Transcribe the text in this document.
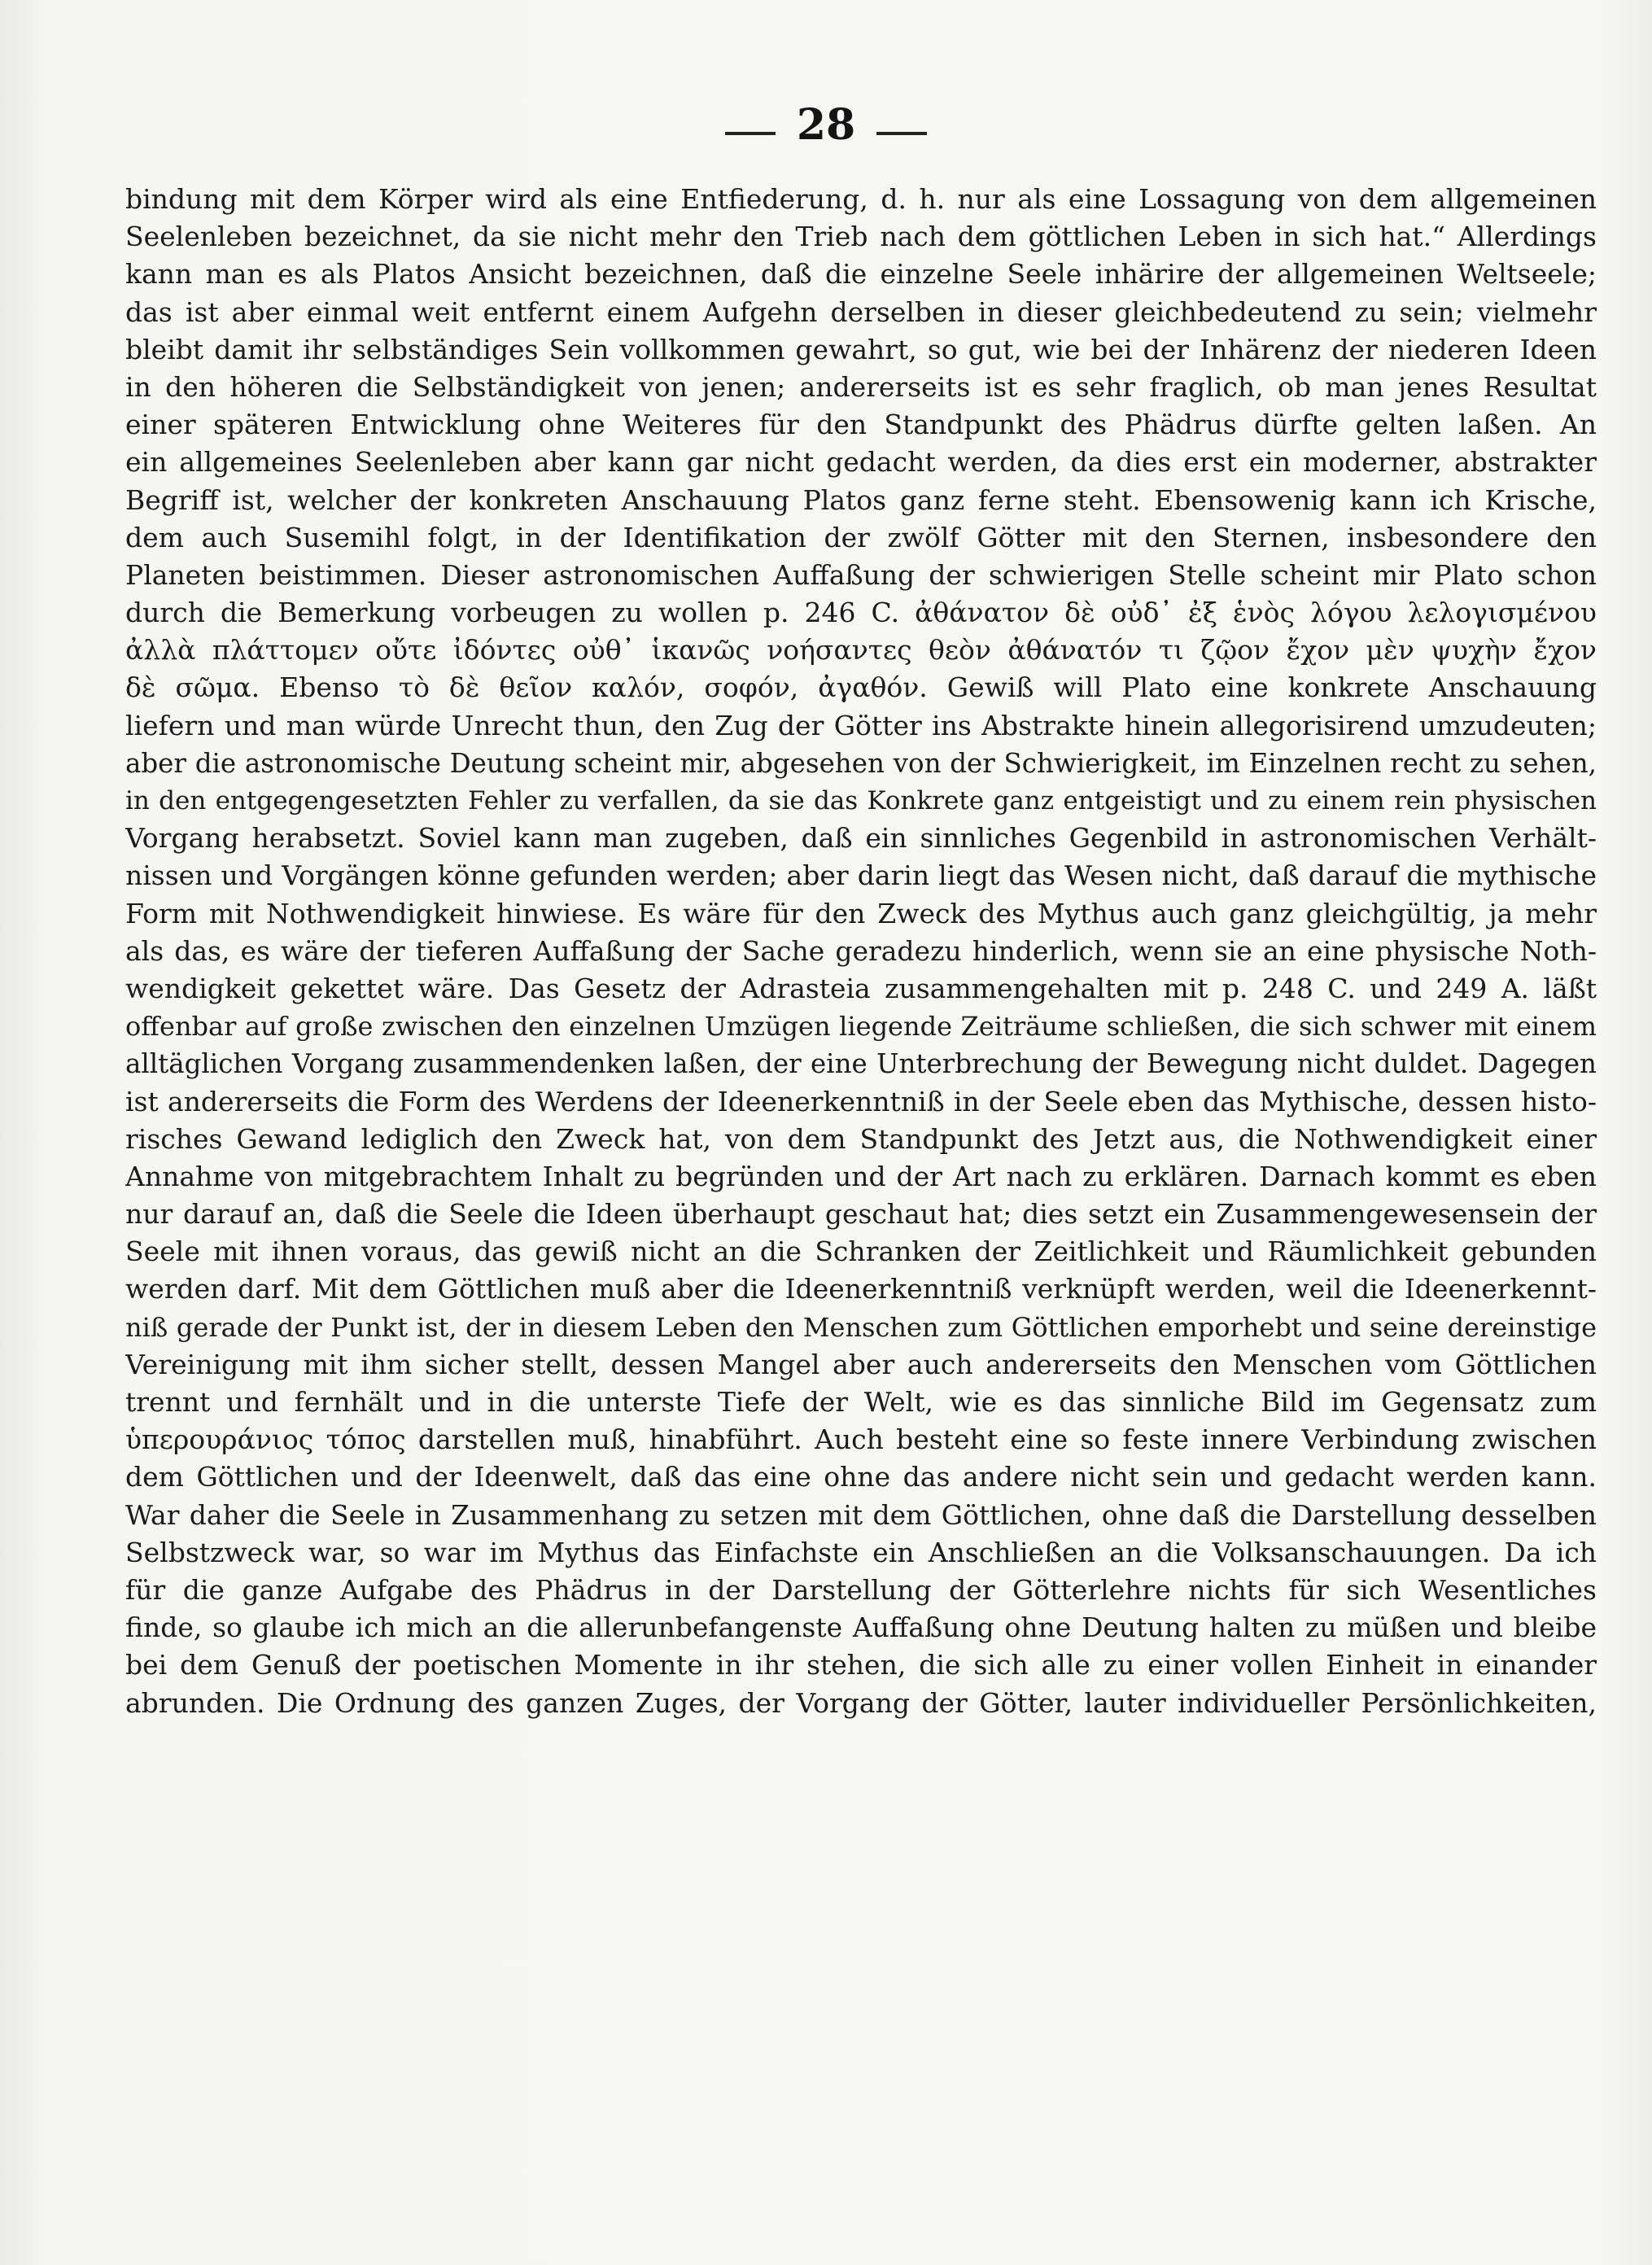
28
bindung mit dem Körper wird als eine Entfiederung, d. h. nur als eine Lossagung von dem allgemeinen
Seelenleben bezeichnet, da sie nicht mehr den Trieb nach dem göttlichen Leben in sich hat.“ Allerdings
kann man es als Platos Ansicht bezeichnen, daß die einzelne Seele inhärire der allgemeinen Weltseele;
das ist aber einmal weit entfernt einem Aufgehn derselben in dieser gleichbedeutend zu sein; vielmehr
bleibt damit ihr selbständiges Sein vollkommen gewahrt, so gut, wie bei der Inhärenz der niederen Ideen
in den höheren die Selbständigkeit von jenen; andererseits ist es sehr fraglich, ob man jenes Resultat
einer späteren Entwicklung ohne Weiteres für den Standpunkt des Phädrus dürfte gelten laßen. An
ein allgemeines Seelenleben aber kann gar nicht gedacht werden, da dies erst ein moderner, abstrakter
Begriff ist, welcher der konkreten Anschauung Platos ganz ferne steht. Ebensowenig kann ich Krische,
dem auch Susemihl folgt, in der Identifikation der zwölf Götter mit den Sternen, insbesondere den
Planeten beistimmen. Dieser astronomischen Auffaßung der schwierigen Stelle scheint mir Plato schon
durch die Bemerkung vorbeugen zu wollen p. 246 C. ἀθάνατον δὲ οὐδ᾽ ἐξ ἑνὸς λόγου λελογισμένου
ἀλλὰ πλάττομεν οὔτε ἰδόντες οὐθ᾽ ἱκανῶς νοήσαντες θεὸν ἀθάνατόν τι ζῷον ἔχον μὲν ψυχὴν ἔχον
δὲ σῶμα. Ebenso τὸ δὲ θεῖον καλόν, σοφόν, ἀγαθόν. Gewiß will Plato eine konkrete Anschauung
liefern und man würde Unrecht thun, den Zug der Götter ins Abstrakte hinein allegorisirend umzudeuten;
aber die astronomische Deutung scheint mir, abgesehen von der Schwierigkeit, im Einzelnen recht zu sehen,
in den entgegengesetzten Fehler zu verfallen, da sie das Konkrete ganz entgeistigt und zu einem rein physischen
Vorgang herabsetzt. Soviel kann man zugeben, daß ein sinnliches Gegenbild in astronomischen Verhält-
nissen und Vorgängen könne gefunden werden; aber darin liegt das Wesen nicht, daß darauf die mythische
Form mit Nothwendigkeit hinwiese. Es wäre für den Zweck des Mythus auch ganz gleichgültig, ja mehr
als das, es wäre der tieferen Auffaßung der Sache geradezu hinderlich, wenn sie an eine physische Noth-
wendigkeit gekettet wäre. Das Gesetz der Adrasteia zusammengehalten mit p. 248 C. und 249 A. läßt
offenbar auf große zwischen den einzelnen Umzügen liegende Zeiträume schließen, die sich schwer mit einem
alltäglichen Vorgang zusammendenken laßen, der eine Unterbrechung der Bewegung nicht duldet. Dagegen
ist andererseits die Form des Werdens der Ideenerkenntniß in der Seele eben das Mythische, dessen histo-
risches Gewand lediglich den Zweck hat, von dem Standpunkt des Jetzt aus, die Nothwendigkeit einer
Annahme von mitgebrachtem Inhalt zu begründen und der Art nach zu erklären. Darnach kommt es eben
nur darauf an, daß die Seele die Ideen überhaupt geschaut hat; dies setzt ein Zusammengewesensein der
Seele mit ihnen voraus, das gewiß nicht an die Schranken der Zeitlichkeit und Räumlichkeit gebunden
werden darf. Mit dem Göttlichen muß aber die Ideenerkenntniß verknüpft werden, weil die Ideenerkennt-
niß gerade der Punkt ist, der in diesem Leben den Menschen zum Göttlichen emporhebt und seine dereinstige
Vereinigung mit ihm sicher stellt, dessen Mangel aber auch andererseits den Menschen vom Göttlichen
trennt und fernhält und in die unterste Tiefe der Welt, wie es das sinnliche Bild im Gegensatz zum
ὑπερουράνιος τόπος darstellen muß, hinabführt. Auch besteht eine so feste innere Verbindung zwischen
dem Göttlichen und der Ideenwelt, daß das eine ohne das andere nicht sein und gedacht werden kann.
War daher die Seele in Zusammenhang zu setzen mit dem Göttlichen, ohne daß die Darstellung desselben
Selbstzweck war, so war im Mythus das Einfachste ein Anschließen an die Volksanschauungen. Da ich
für die ganze Aufgabe des Phädrus in der Darstellung der Götterlehre nichts für sich Wesentliches
finde, so glaube ich mich an die allerunbefangenste Auffaßung ohne Deutung halten zu müßen und bleibe
bei dem Genuß der poetischen Momente in ihr stehen, die sich alle zu einer vollen Einheit in einander
abrunden. Die Ordnung des ganzen Zuges, der Vorgang der Götter, lauter individueller Persönlichkeiten,
